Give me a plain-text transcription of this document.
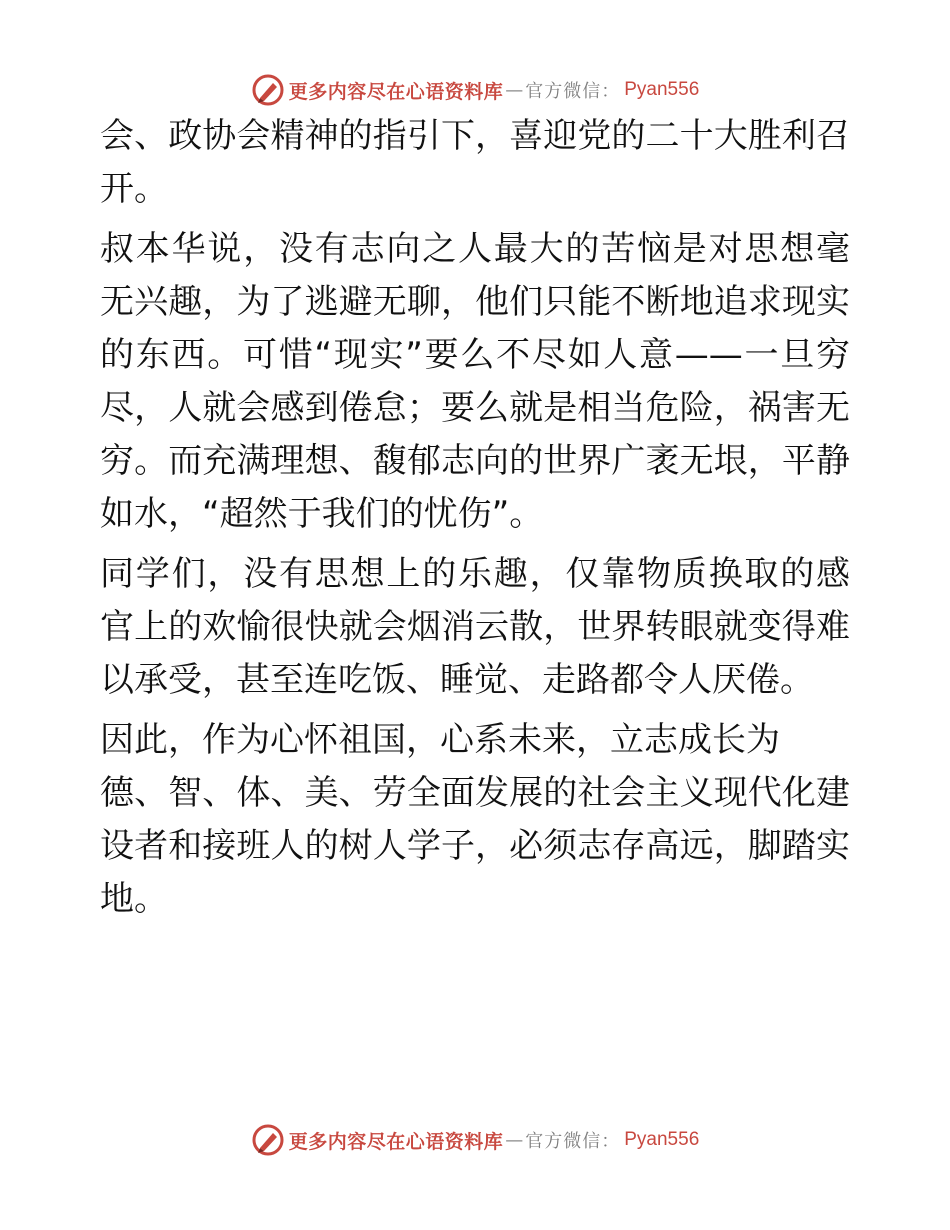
更多内容尽在心语资料库 — 官方微信： Pyan556
会、政协会精神的指引下，喜迎党的二十大胜利召
开。
叔本华说，没有志向之人最大的苦恼是对思想毫
无兴趣，为了逃避无聊，他们只能不断地追求现实
的东西。可惜“现实”要么不尽如人意——一旦穷
尽，人就会感到倦怠；要么就是相当危险，祸害无
穷。而充满理想、馥郁志向的世界广袤无垠，平静
如水，“超然于我们的忧伤”。
同学们，没有思想上的乐趣，仅靠物质换取的感
官上的欢愉很快就会烟消云散，世界转眼就变得难
以承受，甚至连吃饭、睡觉、走路都令人厌倦。
因此，作为心怀祖国，心系未来，立志成长为
德、智、体、美、劳全面发展的社会主义现代化建
设者和接班人的树人学子，必须志存高远，脚踏实
地。
更多内容尽在心语资料库 — 官方微信： Pyan556
